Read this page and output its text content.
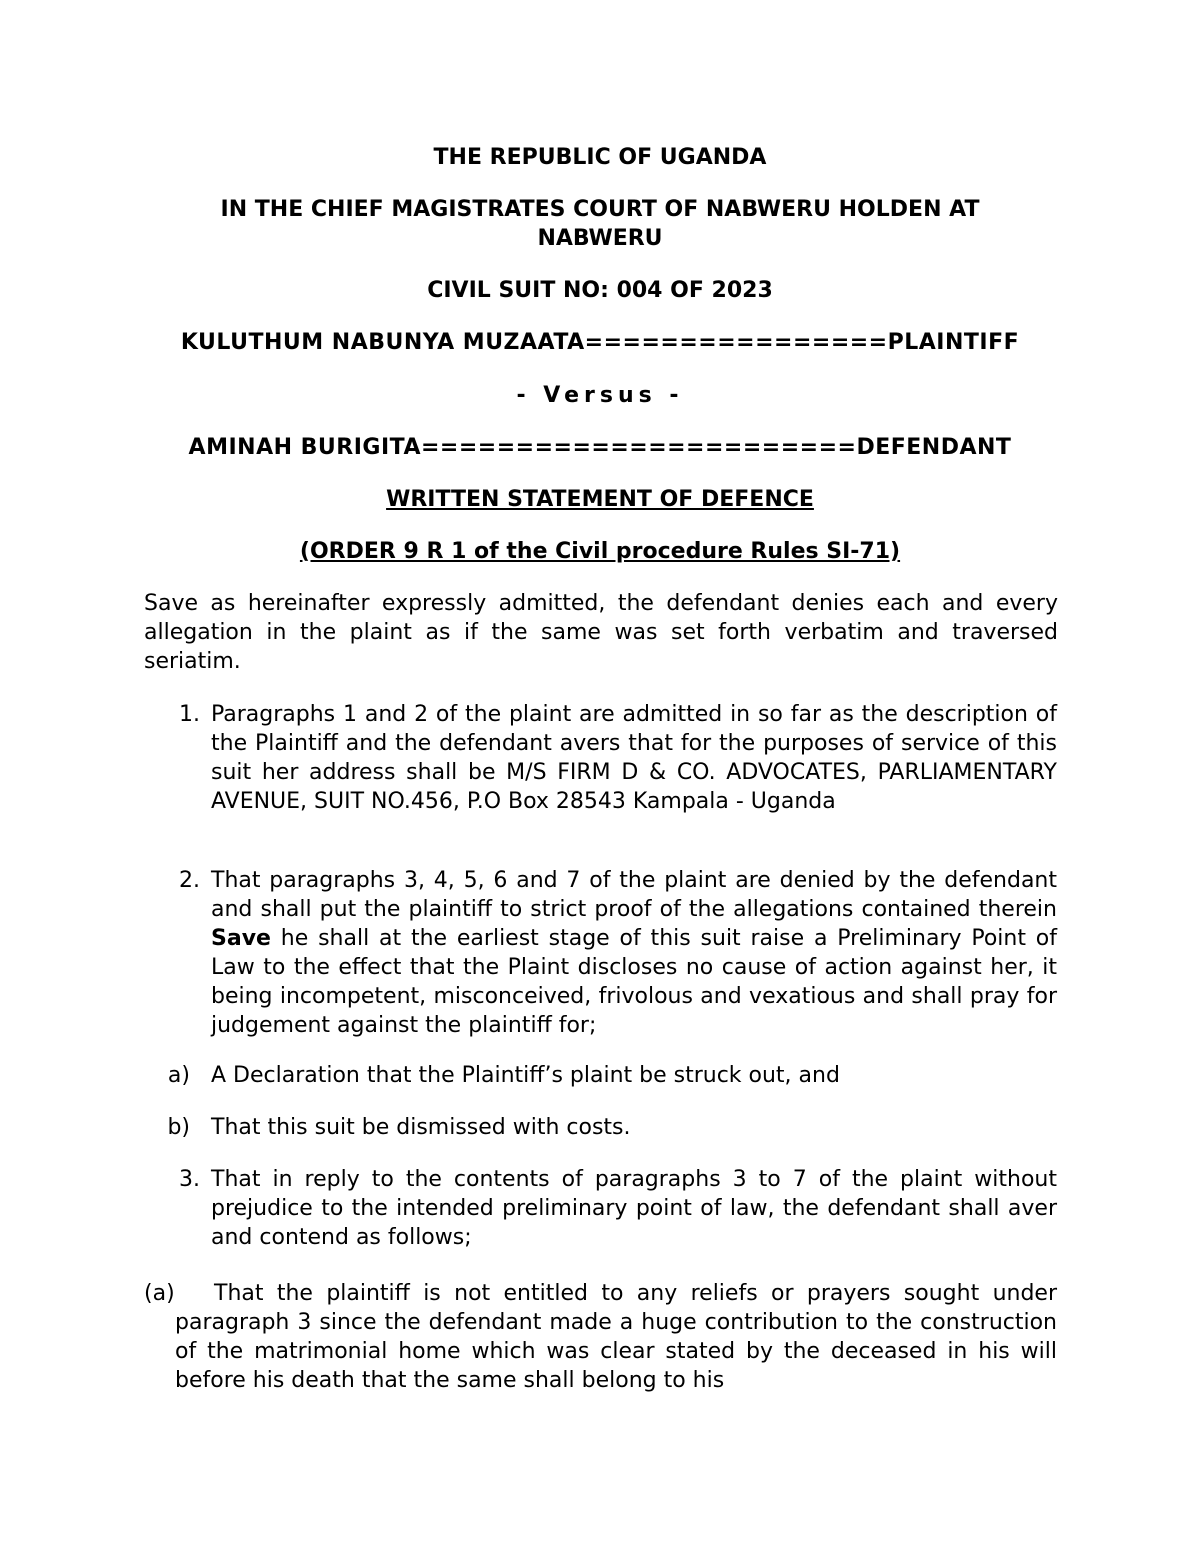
THE REPUBLIC OF UGANDA

IN THE CHIEF MAGISTRATES COURT OF NABWERU HOLDEN AT

NABWERU

CIVIL SUIT NO: 004 OF 2023

KULUTHUM NABUNYA MUZAATA================PLAINTIFF

- Versus -

AMINAH BURIGITA=======================DEFENDANT

WRITTEN STATEMENT OF DEFENCE

(ORDER 9 R 1 of the Civil procedure Rules SI-71)

Save as hereinafter expressly admitted, the defendant denies each and every allegation in the plaint as if the same was set forth verbatim and traversed seriatim.

1. Paragraphs 1 and 2 of the plaint are admitted in so far as the description of the Plaintiff and the defendant avers that for the purposes of service of this suit her address shall be M/S FIRM D & CO. ADVOCATES, PARLIAMENTARY AVENUE, SUIT NO.456, P.O Box 28543 Kampala - Uganda

2. That paragraphs 3, 4, 5, 6 and 7 of the plaint are denied by the defendant and shall put the plaintiff to strict proof of the allegations contained therein Save he shall at the earliest stage of this suit raise a Preliminary Point of Law to the effect that the Plaint discloses no cause of action against her, it being incompetent, misconceived, frivolous and vexatious and shall pray for judgement against the plaintiff for;

a) A Declaration that the Plaintiff’s plaint be struck out, and

b) That this suit be dismissed with costs.

3. That in reply to the contents of paragraphs 3 to 7 of the plaint without prejudice to the intended preliminary point of law, the defendant shall aver and contend as follows;

(a) That the plaintiff is not entitled to any reliefs or prayers sought under paragraph 3 since the defendant made a huge contribution to the construction of the matrimonial home which was clear stated by the deceased in his will before his death that the same shall belong to his
